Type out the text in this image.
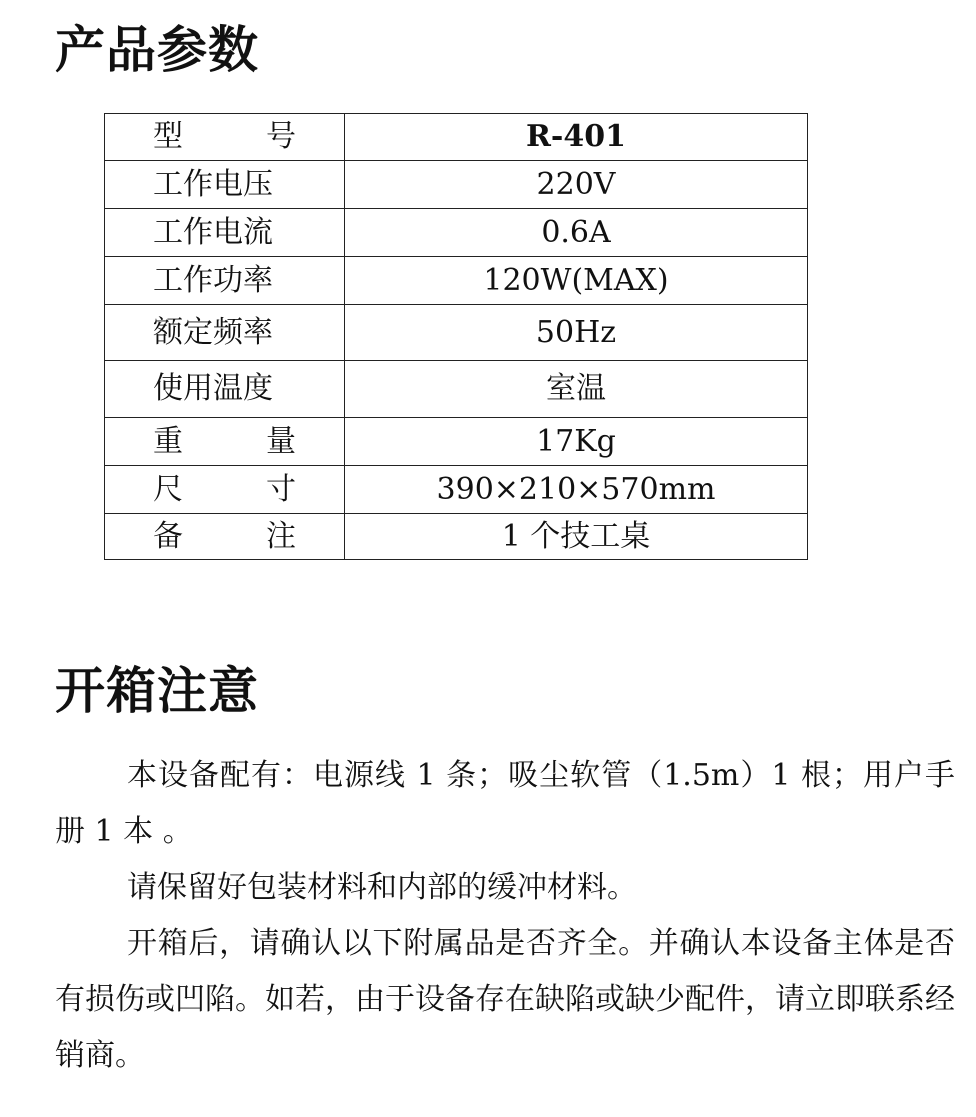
产品参数
型　号	R-401
工作电压	220V
工作电流	0.6A
工作功率	120W(MAX)
额定频率	50Hz
使用温度	室温
重　量	17Kg
尺　寸	390×210×570mm
备　注	1 个技工桌
开箱注意

本设备配有：电源线 1 条；吸尘软管（1.5m）1 根；用户手册 1 本 。

请保留好包装材料和内部的缓冲材料。

开箱后，请确认以下附属品是否齐全。并确认本设备主体是否有损伤或凹陷。如若，由于设备存在缺陷或缺少配件，请立即联系经销商。
